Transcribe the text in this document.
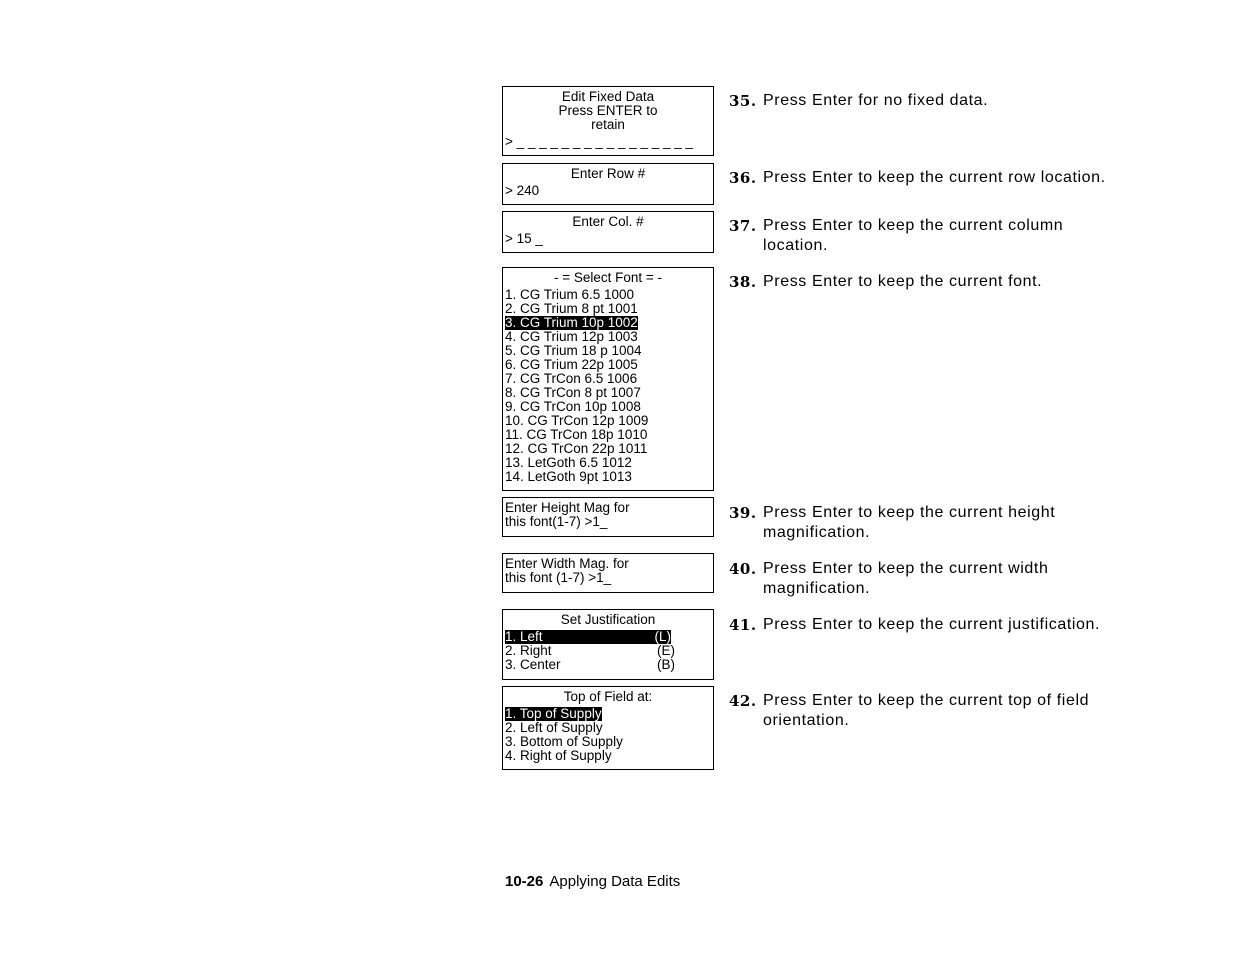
Edit Fixed Data
Press ENTER to
retain
> _ _ _ _ _ _ _ _ _ _ _ _ _ _ _ _
Enter Row #
> 240
Enter Col. #
> 15 _
- = Select Font = -
1. CG Trium 6.5 1000
2. CG Trium 8 pt 1001
3. CG Trium 10p 1002
4. CG Trium 12p 1003
5. CG Trium 18 p 1004
6. CG Trium 22p 1005
7. CG TrCon 6.5 1006
8. CG TrCon 8 pt 1007
9. CG TrCon 10p 1008
10. CG TrCon 12p 1009
11. CG TrCon 18p 1010
12. CG TrCon 22p 1011
13. LetGoth 6.5 1012
14. LetGoth 9pt 1013
Enter Height Mag for
this font(1-7) >1_
Enter Width Mag. for
this font (1-7) >1_
Set Justification
1. Left	(L)
2. Right	(E)
3. Center	(B)
Top of Field at:
1. Top of Supply
2. Left of Supply
3. Bottom of Supply
4. Right of Supply
35. Press Enter for no fixed data.
36. Press Enter to keep the current row location.
37. Press Enter to keep the current column location.
38. Press Enter to keep the current font.
39. Press Enter to keep the current height magnification.
40. Press Enter to keep the current width magnification.
41. Press Enter to keep the current justification.
42. Press Enter to keep the current top of field orientation.
10-26 Applying Data Edits
